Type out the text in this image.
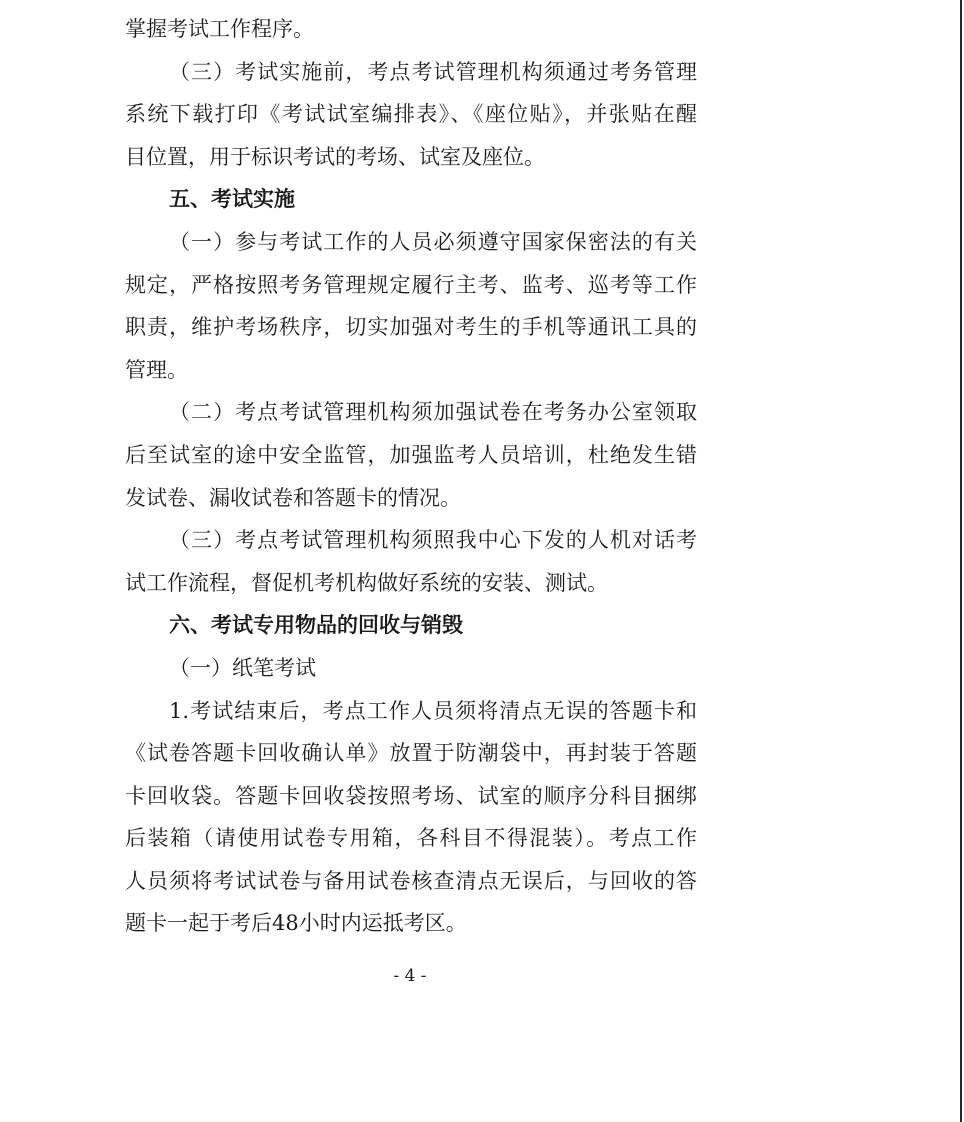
掌握考试工作程序。
（三）考试实施前，考点考试管理机构须通过考务管理
系统下载打印《考试试室编排表》、《座位贴》，并张贴在醒
目位置，用于标识考试的考场、试室及座位。
五、考试实施
（一）参与考试工作的人员必须遵守国家保密法的有关
规定，严格按照考务管理规定履行主考、监考、巡考等工作
职责，维护考场秩序，切实加强对考生的手机等通讯工具的
管理。
（二）考点考试管理机构须加强试卷在考务办公室领取
后至试室的途中安全监管，加强监考人员培训，杜绝发生错
发试卷、漏收试卷和答题卡的情况。
（三）考点考试管理机构须照我中心下发的人机对话考
试工作流程，督促机考机构做好系统的安装、测试。
六、考试专用物品的回收与销毁
（一）纸笔考试
1.考试结束后，考点工作人员须将清点无误的答题卡和
《试卷答题卡回收确认单》放置于防潮袋中，再封装于答题
卡回收袋。答题卡回收袋按照考场、试室的顺序分科目捆绑
后装箱（请使用试卷专用箱，各科目不得混装）。考点工作
人员须将考试试卷与备用试卷核查清点无误后，与回收的答
题卡一起于考后48小时内运抵考区。
- 4 -
